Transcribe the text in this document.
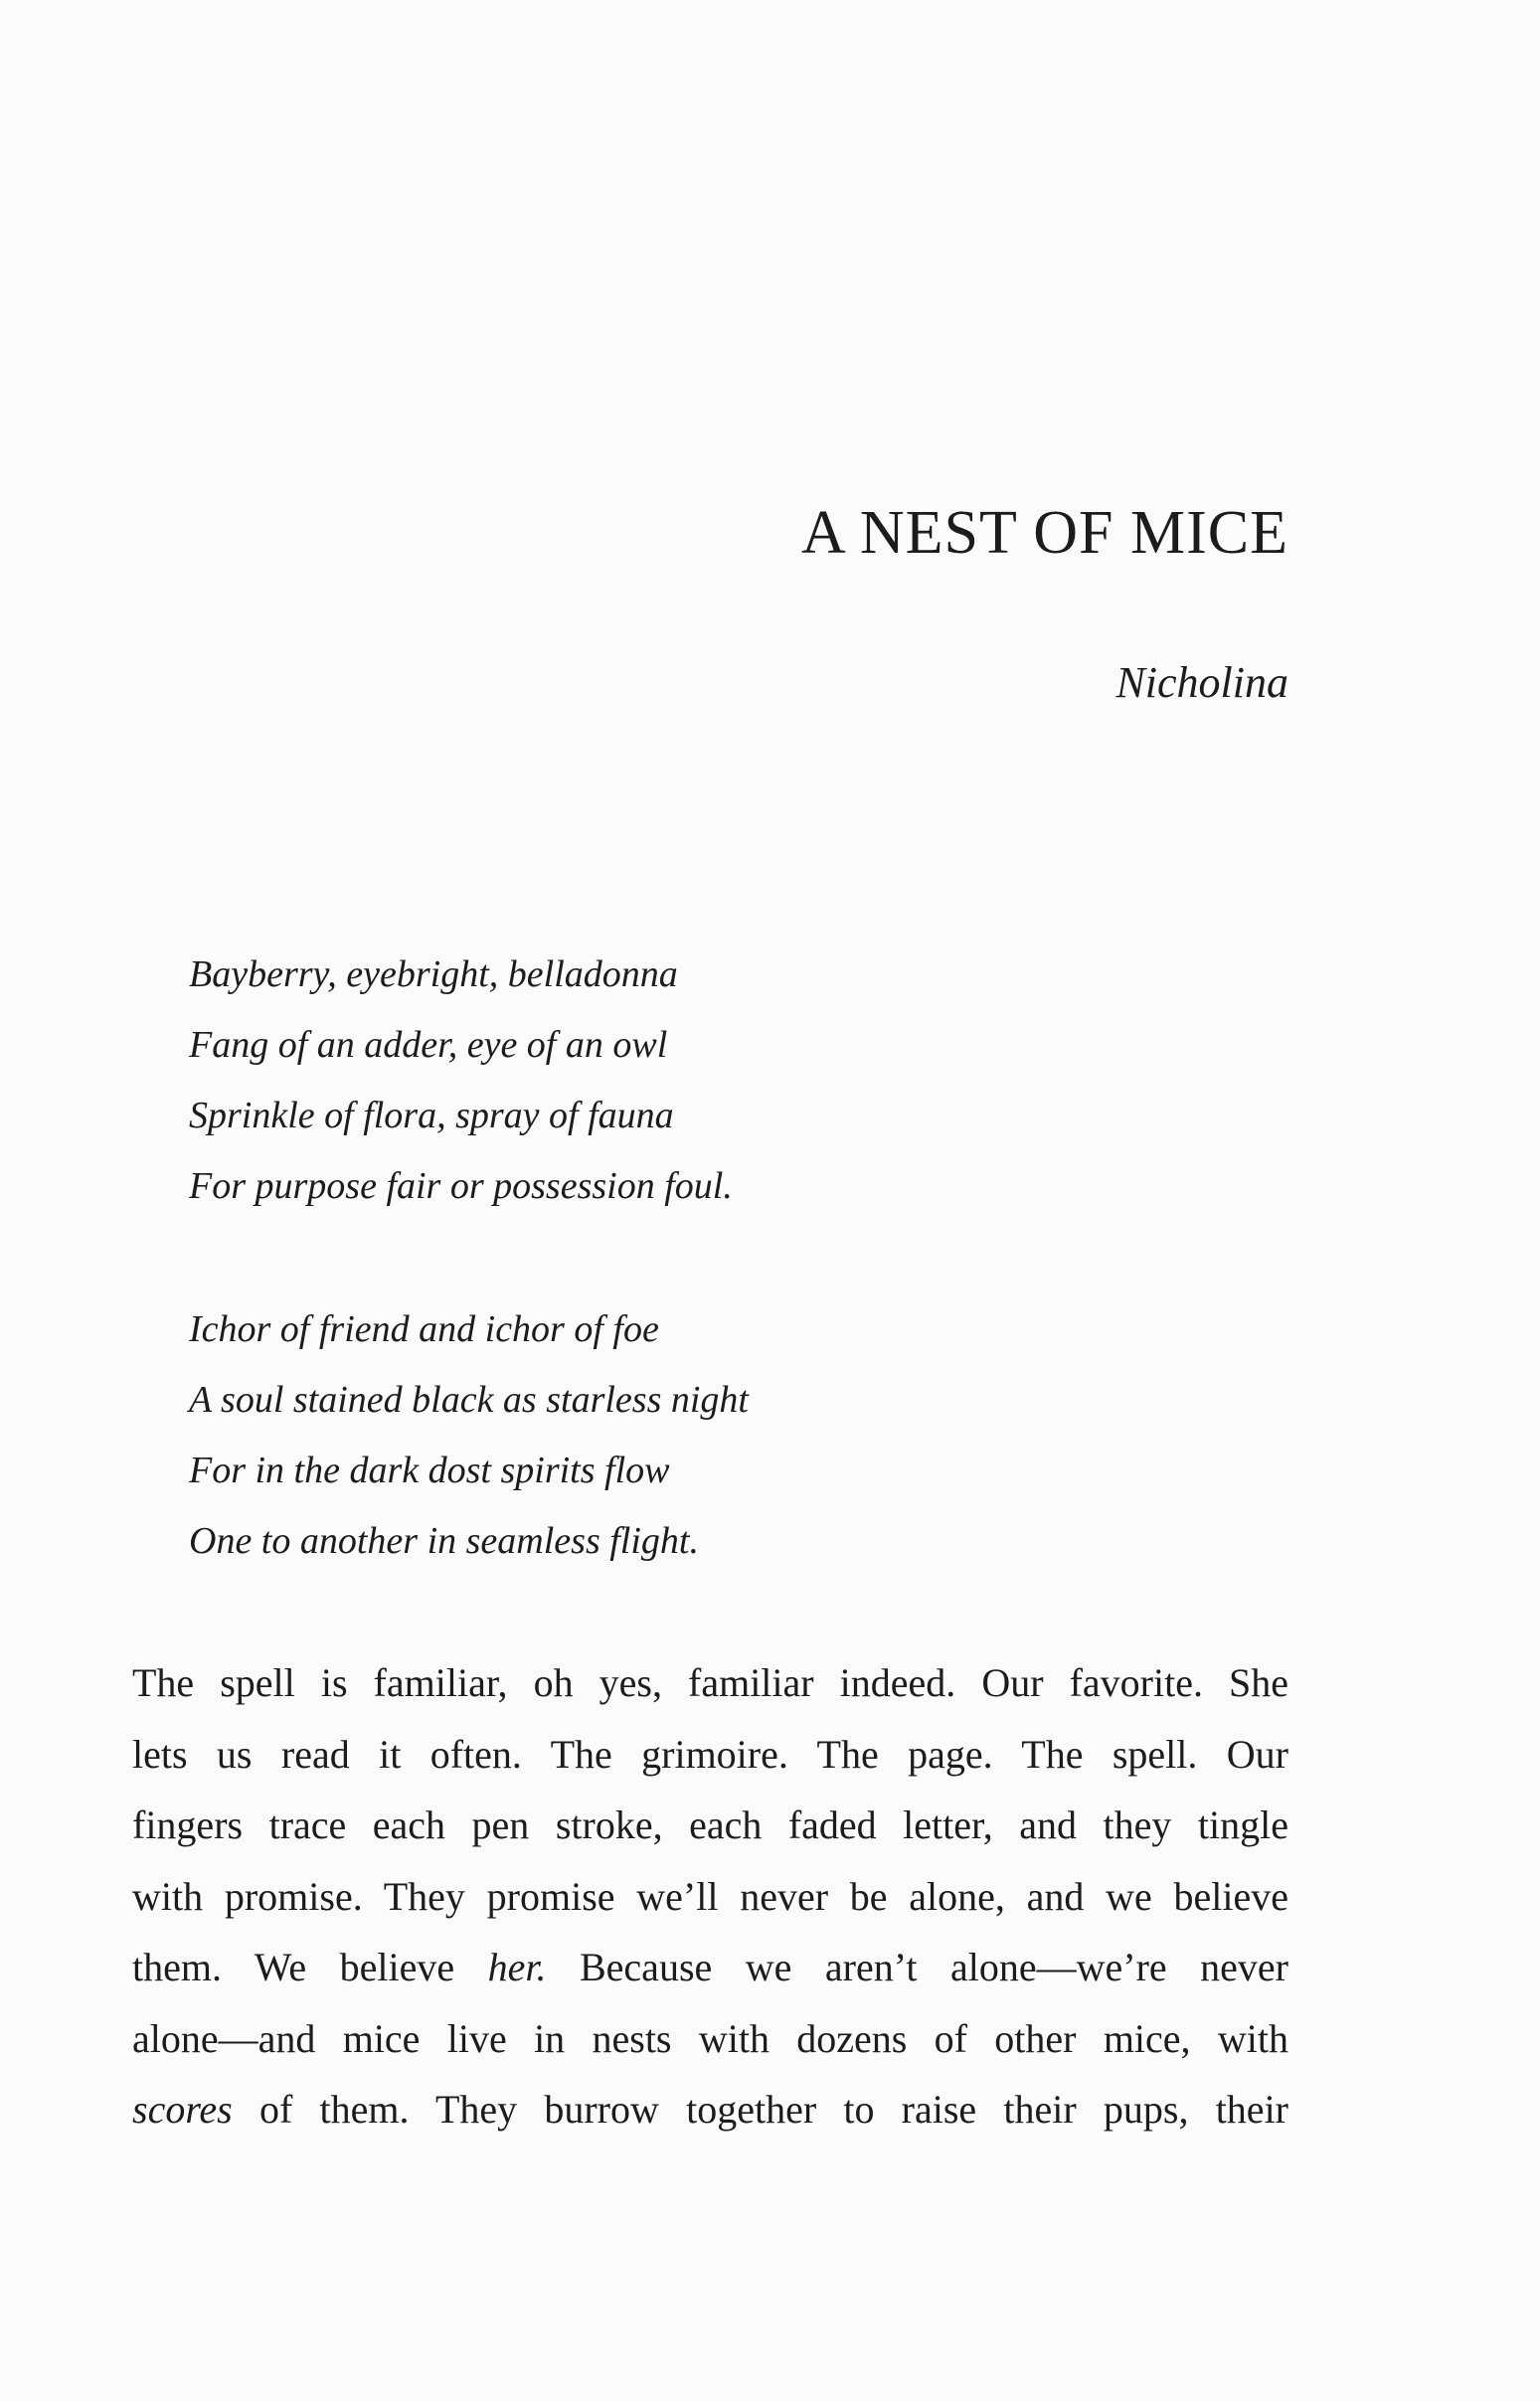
A NEST OF MICE

Nicholina

Bayberry, eyebright, belladonna
Fang of an adder, eye of an owl
Sprinkle of flora, spray of fauna
For purpose fair or possession foul.
Ichor of friend and ichor of foe
A soul stained black as starless night
For in the dark dost spirits flow
One to another in seamless flight.
The spell is familiar, oh yes, familiar indeed. Our favorite. She
lets us read it often. The grimoire. The page. The spell. Our
fingers trace each pen stroke, each faded letter, and they tingle
with promise. They promise we’ll never be alone, and we believe
them. We believe her. Because we aren’t alone—we’re never
alone—and mice live in nests with dozens of other mice, with
scores of them. They burrow together to raise their pups, their
